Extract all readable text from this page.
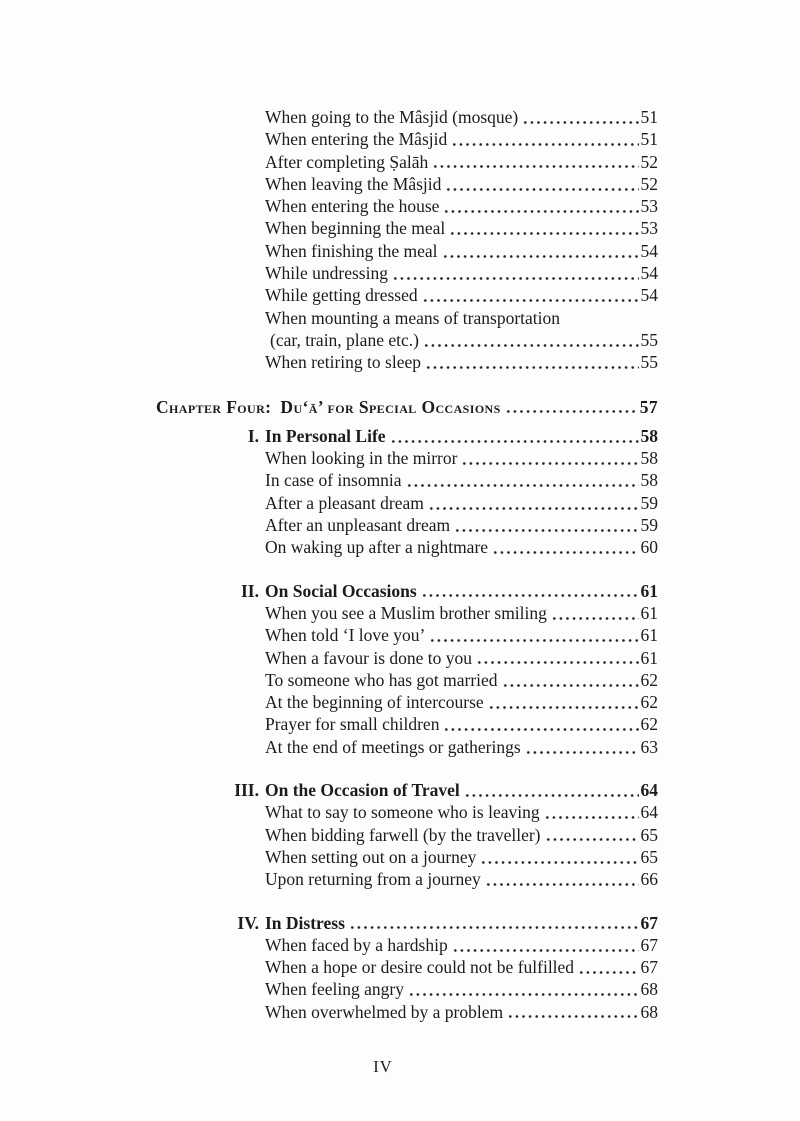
When going to the Mâsjid (mosque)	51
When entering the Mâsjid	51
After completing Ṣalāh	52
When leaving the Mâsjid	52
When entering the house	53
When beginning the meal	53
When finishing the meal	54
While undressing	54
While getting dressed	54
When mounting a means of transportation
(car, train, plane etc.)	55
When retiring to sleep	55
Chapter Four: Du‘ā’ for Special Occasions	57
I. In Personal Life	58
When looking in the mirror	58
In case of insomnia	58
After a pleasant dream	59
After an unpleasant dream	59
On waking up after a nightmare	60
II. On Social Occasions	61
When you see a Muslim brother smiling	61
When told ‘I love you’	61
When a favour is done to you	61
To someone who has got married	62
At the beginning of intercourse	62
Prayer for small children	62
At the end of meetings or gatherings	63
III. On the Occasion of Travel	64
What to say to someone who is leaving	64
When bidding farwell (by the traveller)	65
When setting out on a journey	65
Upon returning from a journey	66
IV. In Distress	67
When faced by a hardship	67
When a hope or desire could not be fulfilled	67
When feeling angry	68
When overwhelmed by a problem	68
IV
